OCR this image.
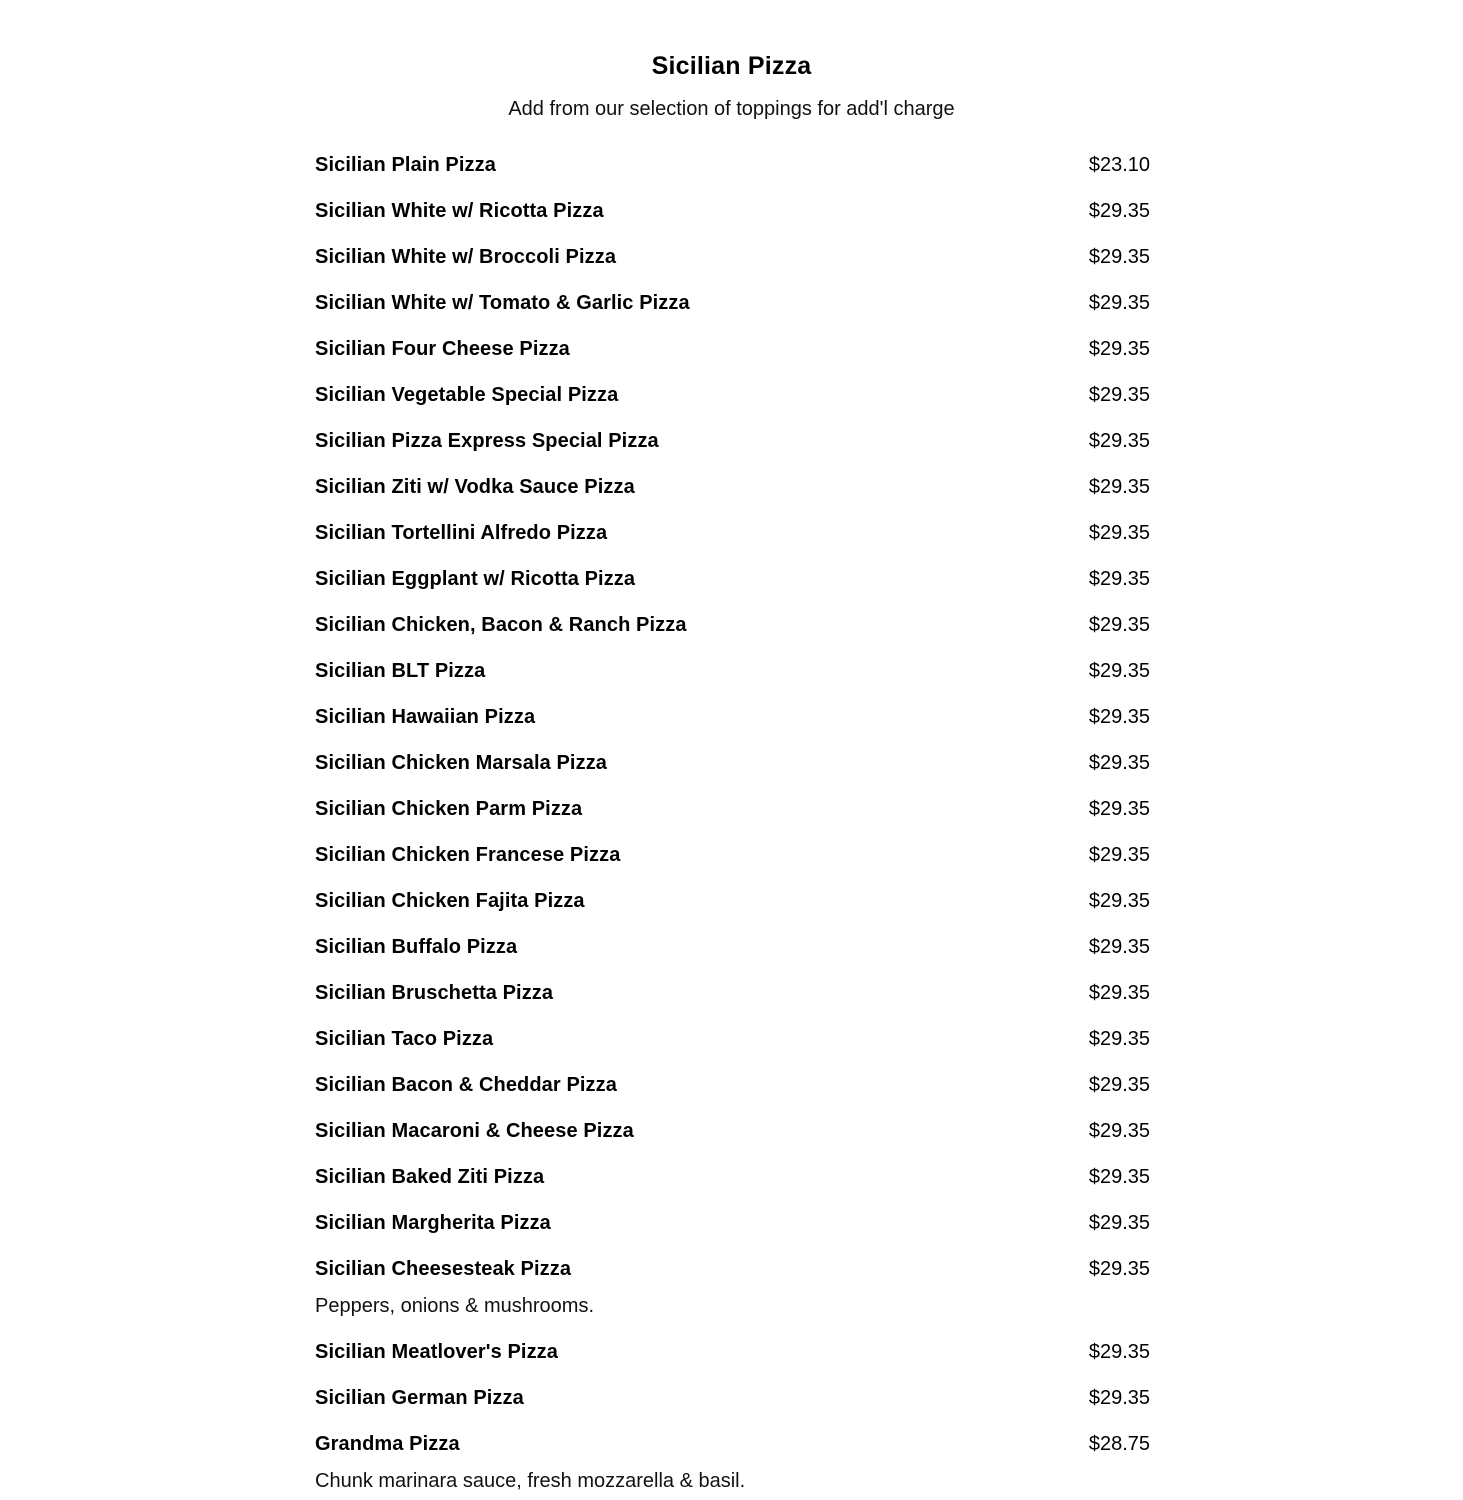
Sicilian Pizza
Add from our selection of toppings for add'l charge
Sicilian Plain Pizza	$23.10
Sicilian White w/ Ricotta Pizza	$29.35
Sicilian White w/ Broccoli Pizza	$29.35
Sicilian White w/ Tomato & Garlic Pizza	$29.35
Sicilian Four Cheese Pizza	$29.35
Sicilian Vegetable Special Pizza	$29.35
Sicilian Pizza Express Special Pizza	$29.35
Sicilian Ziti w/ Vodka Sauce Pizza	$29.35
Sicilian Tortellini Alfredo Pizza	$29.35
Sicilian Eggplant w/ Ricotta Pizza	$29.35
Sicilian Chicken, Bacon & Ranch Pizza	$29.35
Sicilian BLT Pizza	$29.35
Sicilian Hawaiian Pizza	$29.35
Sicilian Chicken Marsala Pizza	$29.35
Sicilian Chicken Parm Pizza	$29.35
Sicilian Chicken Francese Pizza	$29.35
Sicilian Chicken Fajita Pizza	$29.35
Sicilian Buffalo Pizza	$29.35
Sicilian Bruschetta Pizza	$29.35
Sicilian Taco Pizza	$29.35
Sicilian Bacon & Cheddar Pizza	$29.35
Sicilian Macaroni & Cheese Pizza	$29.35
Sicilian Baked Ziti Pizza	$29.35
Sicilian Margherita Pizza	$29.35
Sicilian Cheesesteak Pizza	$29.35
Peppers, onions & mushrooms.
Sicilian Meatlover's Pizza	$29.35
Sicilian German Pizza	$29.35
Grandma Pizza	$28.75
Chunk marinara sauce, fresh mozzarella & basil.
